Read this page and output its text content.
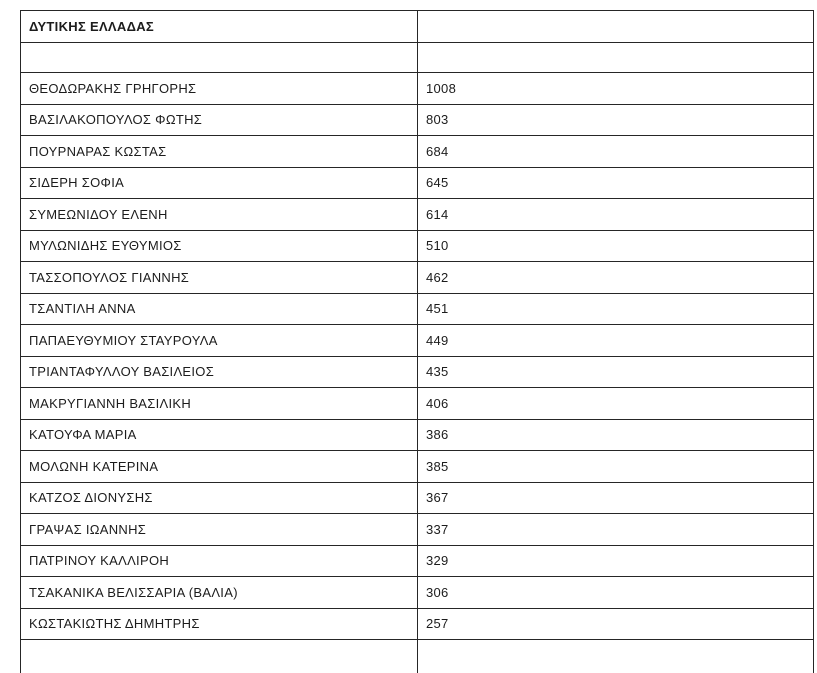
ΔΥΤΙΚΗΣ ΕΛΛΑΔΑΣ	

ΘΕΟΔΩΡΑΚΗΣ ΓΡΗΓΟΡΗΣ	1008
ΒΑΣΙΛΑΚΟΠΟΥΛΟΣ ΦΩΤΗΣ	803
ΠΟΥΡΝΑΡΑΣ ΚΩΣΤΑΣ	684
ΣΙΔΕΡΗ ΣΟΦΙΑ	645
ΣΥΜΕΩΝΙΔΟΥ ΕΛΕΝΗ	614
ΜΥΛΩΝΙΔΗΣ ΕΥΘΥΜΙΟΣ	510
ΤΑΣΣΟΠΟΥΛΟΣ ΓΙΑΝΝΗΣ	462
ΤΣΑΝΤΙΛΗ ΑΝΝΑ	451
ΠΑΠΑΕΥΘΥΜΙΟΥ ΣΤΑΥΡΟΥΛΑ	449
ΤΡΙΑΝΤΑΦΥΛΛΟΥ ΒΑΣΙΛΕΙΟΣ	435
ΜΑΚΡΥΓΙΑΝΝΗ ΒΑΣΙΛΙΚΗ	406
ΚΑΤΟΥΦΑ ΜΑΡΙΑ	386
ΜΟΛΩΝΗ ΚΑΤΕΡΙΝΑ	385
ΚΑΤΖΟΣ ΔΙΟΝΥΣΗΣ	367
ΓΡΑΨΑΣ ΙΩΑΝΝΗΣ	337
ΠΑΤΡΙΝΟΥ ΚΑΛΛΙΡΟΗ	329
ΤΣΑΚΑΝΙΚΑ ΒΕΛΙΣΣΑΡΙΑ (ΒΑΛΙΑ)	306
ΚΩΣΤΑΚΙΩΤΗΣ ΔΗΜΗΤΡΗΣ	257
